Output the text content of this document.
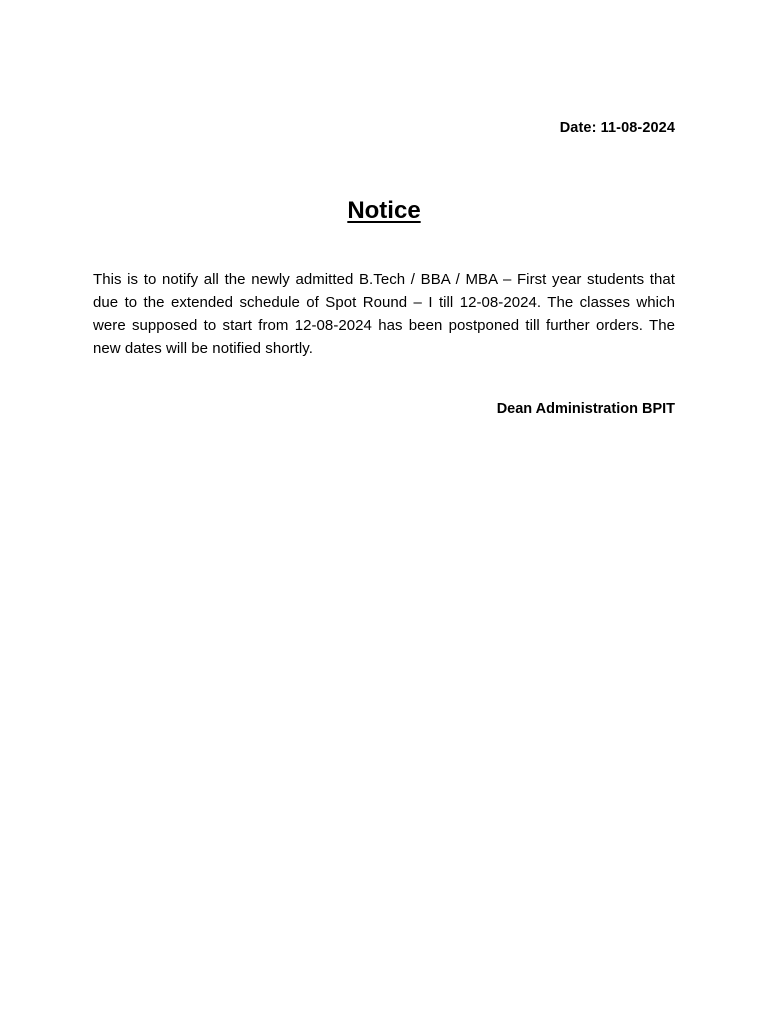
Date: 11-08-2024
Notice
This is to notify all the newly admitted B.Tech / BBA / MBA – First year students that due to the extended schedule of Spot Round – I till 12-08-2024. The classes which were supposed to start from 12-08-2024 has been postponed till further orders. The new dates will be notified shortly.
Dean Administration BPIT
